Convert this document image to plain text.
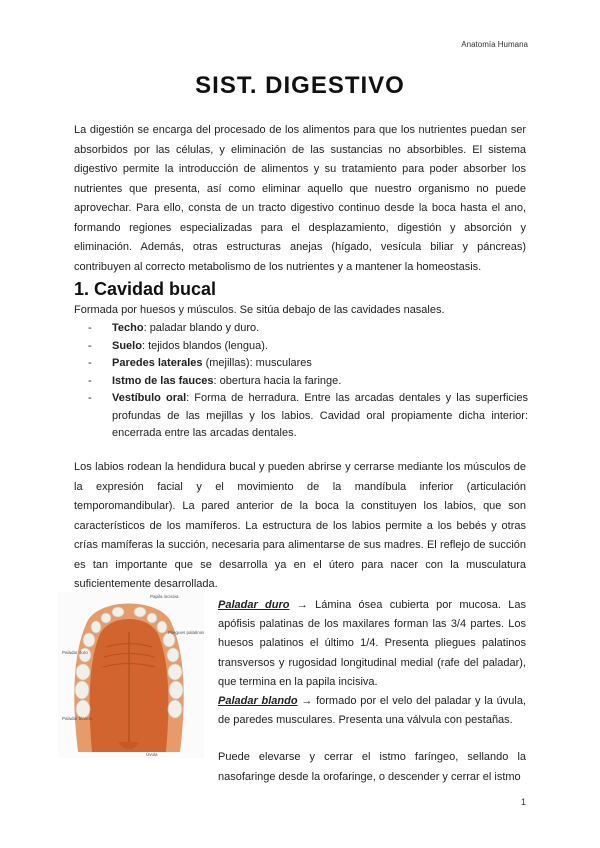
Anatomía Humana
SIST. DIGESTIVO
La digestión se encarga del procesado de los alimentos para que los nutrientes puedan ser absorbidos por las células, y eliminación de las sustancias no absorbibles. El sistema digestivo permite la introducción de alimentos y su tratamiento para poder absorber los nutrientes que presenta, así como eliminar aquello que nuestro organismo no puede aprovechar. Para ello, consta de un tracto digestivo continuo desde la boca hasta el ano, formando regiones especializadas para el desplazamiento, digestión y absorción y eliminación. Además, otras estructuras anejas (hígado, vesícula biliar y páncreas) contribuyen al correcto metabolismo de los nutrientes y a mantener la homeostasis.
1. Cavidad bucal
Formada por huesos y músculos. Se sitúa debajo de las cavidades nasales.
- Techo: paladar blando y duro.
- Suelo: tejidos blandos (lengua).
- Paredes laterales (mejillas): musculares
- Istmo de las fauces: obertura hacia la faringe.
- Vestíbulo oral: Forma de herradura. Entre las arcadas dentales y las superficies profundas de las mejillas y los labios. Cavidad oral propiamente dicha interior: encerrada entre las arcadas dentales.
Los labios rodean la hendidura bucal y pueden abrirse y cerrarse mediante los músculos de la expresión facial y el movimiento de la mandíbula inferior (articulación temporomandibular). La pared anterior de la boca la constituyen los labios, que son característicos de los mamíferos. La estructura de los labios permite a los bebés y otras crías mamíferas la succión, necesaria para alimentarse de sus madres. El reflejo de succión es tan importante que se desarrolla ya en el útero para nacer con la musculatura suficientemente desarrollada.
Papila incisiva
Paladar duro
Pliegues palatinos
Paladar blando
Úvula

Paladar duro → Lámina ósea cubierta por mucosa. Las apófisis palatinas de los maxilares forman las 3/4 partes. Los huesos palatinos el último 1/4. Presenta pliegues palatinos transversos y rugosidad longitudinal medial (rafe del paladar), que termina en la papila incisiva.

Paladar blando → formado por el velo del paladar y la úvula, de paredes musculares. Presenta una válvula con pestañas.

Puede elevarse y cerrar el istmo faríngeo, sellando la nasofaringe desde la orofaringe, o descender y cerrar el istmo

1
